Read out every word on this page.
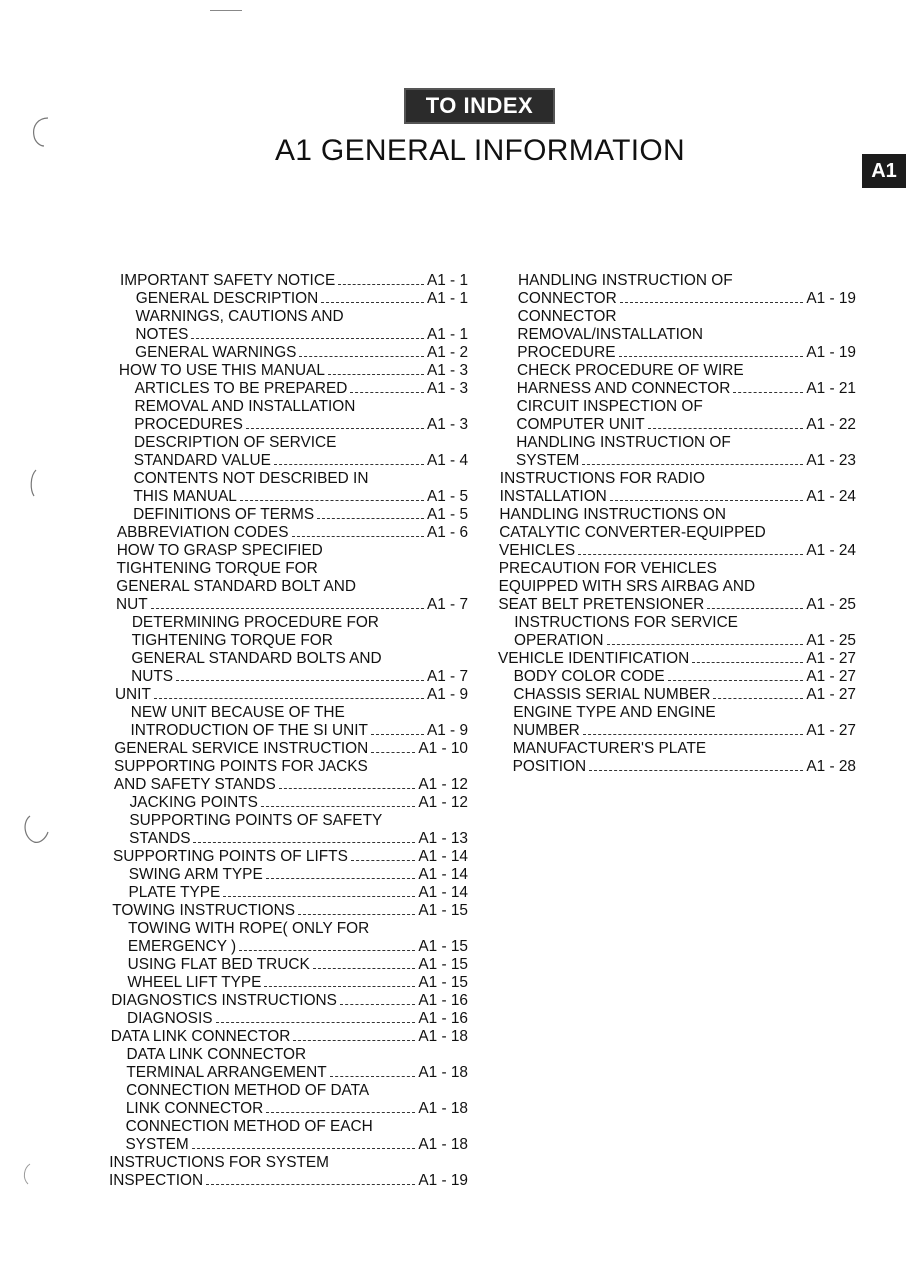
TO INDEX
A1 GENERAL INFORMATION
A1
IMPORTANT SAFETY NOTICE	A1 - 1
GENERAL DESCRIPTION	A1 - 1
WARNINGS, CAUTIONS AND
NOTES	A1 - 1
GENERAL WARNINGS	A1 - 2
HOW TO USE THIS MANUAL	A1 - 3
ARTICLES TO BE PREPARED	A1 - 3
REMOVAL AND INSTALLATION
PROCEDURES	A1 - 3
DESCRIPTION OF SERVICE
STANDARD VALUE	A1 - 4
CONTENTS NOT DESCRIBED IN
THIS MANUAL	A1 - 5
DEFINITIONS OF TERMS	A1 - 5
ABBREVIATION CODES	A1 - 6
HOW TO GRASP SPECIFIED
TIGHTENING TORQUE FOR
GENERAL STANDARD BOLT AND
NUT	A1 - 7
DETERMINING PROCEDURE FOR
TIGHTENING TORQUE FOR
GENERAL STANDARD BOLTS AND
NUTS	A1 - 7
UNIT	A1 - 9
NEW UNIT BECAUSE OF THE
INTRODUCTION OF THE SI UNIT	A1 - 9
GENERAL SERVICE INSTRUCTION	A1 - 10
SUPPORTING POINTS FOR JACKS
AND SAFETY STANDS	A1 - 12
JACKING POINTS	A1 - 12
SUPPORTING POINTS OF SAFETY
STANDS	A1 - 13
SUPPORTING POINTS OF LIFTS	A1 - 14
SWING ARM TYPE	A1 - 14
PLATE TYPE	A1 - 14
TOWING INSTRUCTIONS	A1 - 15
TOWING WITH ROPE( ONLY FOR
EMERGENCY )	A1 - 15
USING FLAT BED TRUCK	A1 - 15
WHEEL LIFT TYPE	A1 - 15
DIAGNOSTICS INSTRUCTIONS	A1 - 16
DIAGNOSIS	A1 - 16
DATA LINK CONNECTOR	A1 - 18
DATA LINK CONNECTOR
TERMINAL ARRANGEMENT	A1 - 18
CONNECTION METHOD OF DATA
LINK CONNECTOR	A1 - 18
CONNECTION METHOD OF EACH
SYSTEM	A1 - 18
INSTRUCTIONS FOR SYSTEM
INSPECTION	A1 - 19
HANDLING INSTRUCTION OF
CONNECTOR	A1 - 19
CONNECTOR
REMOVAL/INSTALLATION
PROCEDURE	A1 - 19
CHECK PROCEDURE OF WIRE
HARNESS AND CONNECTOR	A1 - 21
CIRCUIT INSPECTION OF
COMPUTER UNIT	A1 - 22
HANDLING INSTRUCTION OF
SYSTEM	A1 - 23
INSTRUCTIONS FOR RADIO
INSTALLATION	A1 - 24
HANDLING INSTRUCTIONS ON
CATALYTIC CONVERTER-EQUIPPED
VEHICLES	A1 - 24
PRECAUTION FOR VEHICLES
EQUIPPED WITH SRS AIRBAG AND
SEAT BELT PRETENSIONER	A1 - 25
INSTRUCTIONS FOR SERVICE
OPERATION	A1 - 25
VEHICLE IDENTIFICATION	A1 - 27
BODY COLOR CODE	A1 - 27
CHASSIS SERIAL NUMBER	A1 - 27
ENGINE TYPE AND ENGINE
NUMBER	A1 - 27
MANUFACTURER'S PLATE
POSITION	A1 - 28
